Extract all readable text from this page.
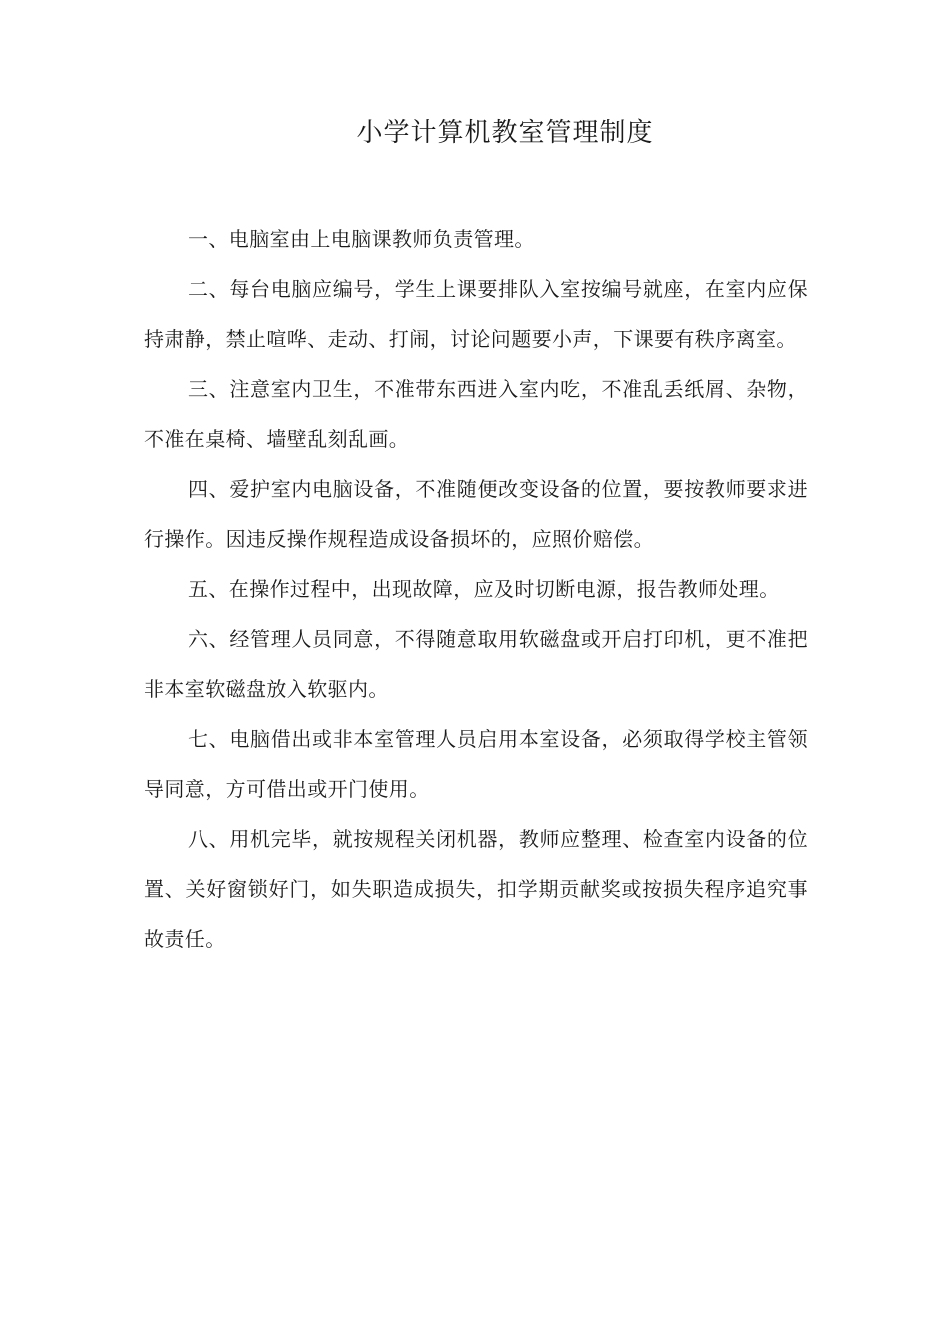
小学计算机教室管理制度

一、电脑室由上电脑课教师负责管理。

二、每台电脑应编号，学生上课要排队入室按编号就座，在室内应保持肃静，禁止喧哗、走动、打闹，讨论问题要小声，下课要有秩序离室。

三、注意室内卫生，不准带东西进入室内吃，不准乱丢纸屑、杂物，不准在桌椅、墙壁乱刻乱画。

四、爱护室内电脑设备，不准随便改变设备的位置，要按教师要求进行操作。因违反操作规程造成设备损坏的，应照价赔偿。

五、在操作过程中，出现故障，应及时切断电源，报告教师处理。

六、经管理人员同意，不得随意取用软磁盘或开启打印机，更不准把非本室软磁盘放入软驱内。

七、电脑借出或非本室管理人员启用本室设备，必须取得学校主管领导同意，方可借出或开门使用。

八、用机完毕，就按规程关闭机器，教师应整理、检查室内设备的位置、关好窗锁好门，如失职造成损失，扣学期贡献奖或按损失程序追究事故责任。
